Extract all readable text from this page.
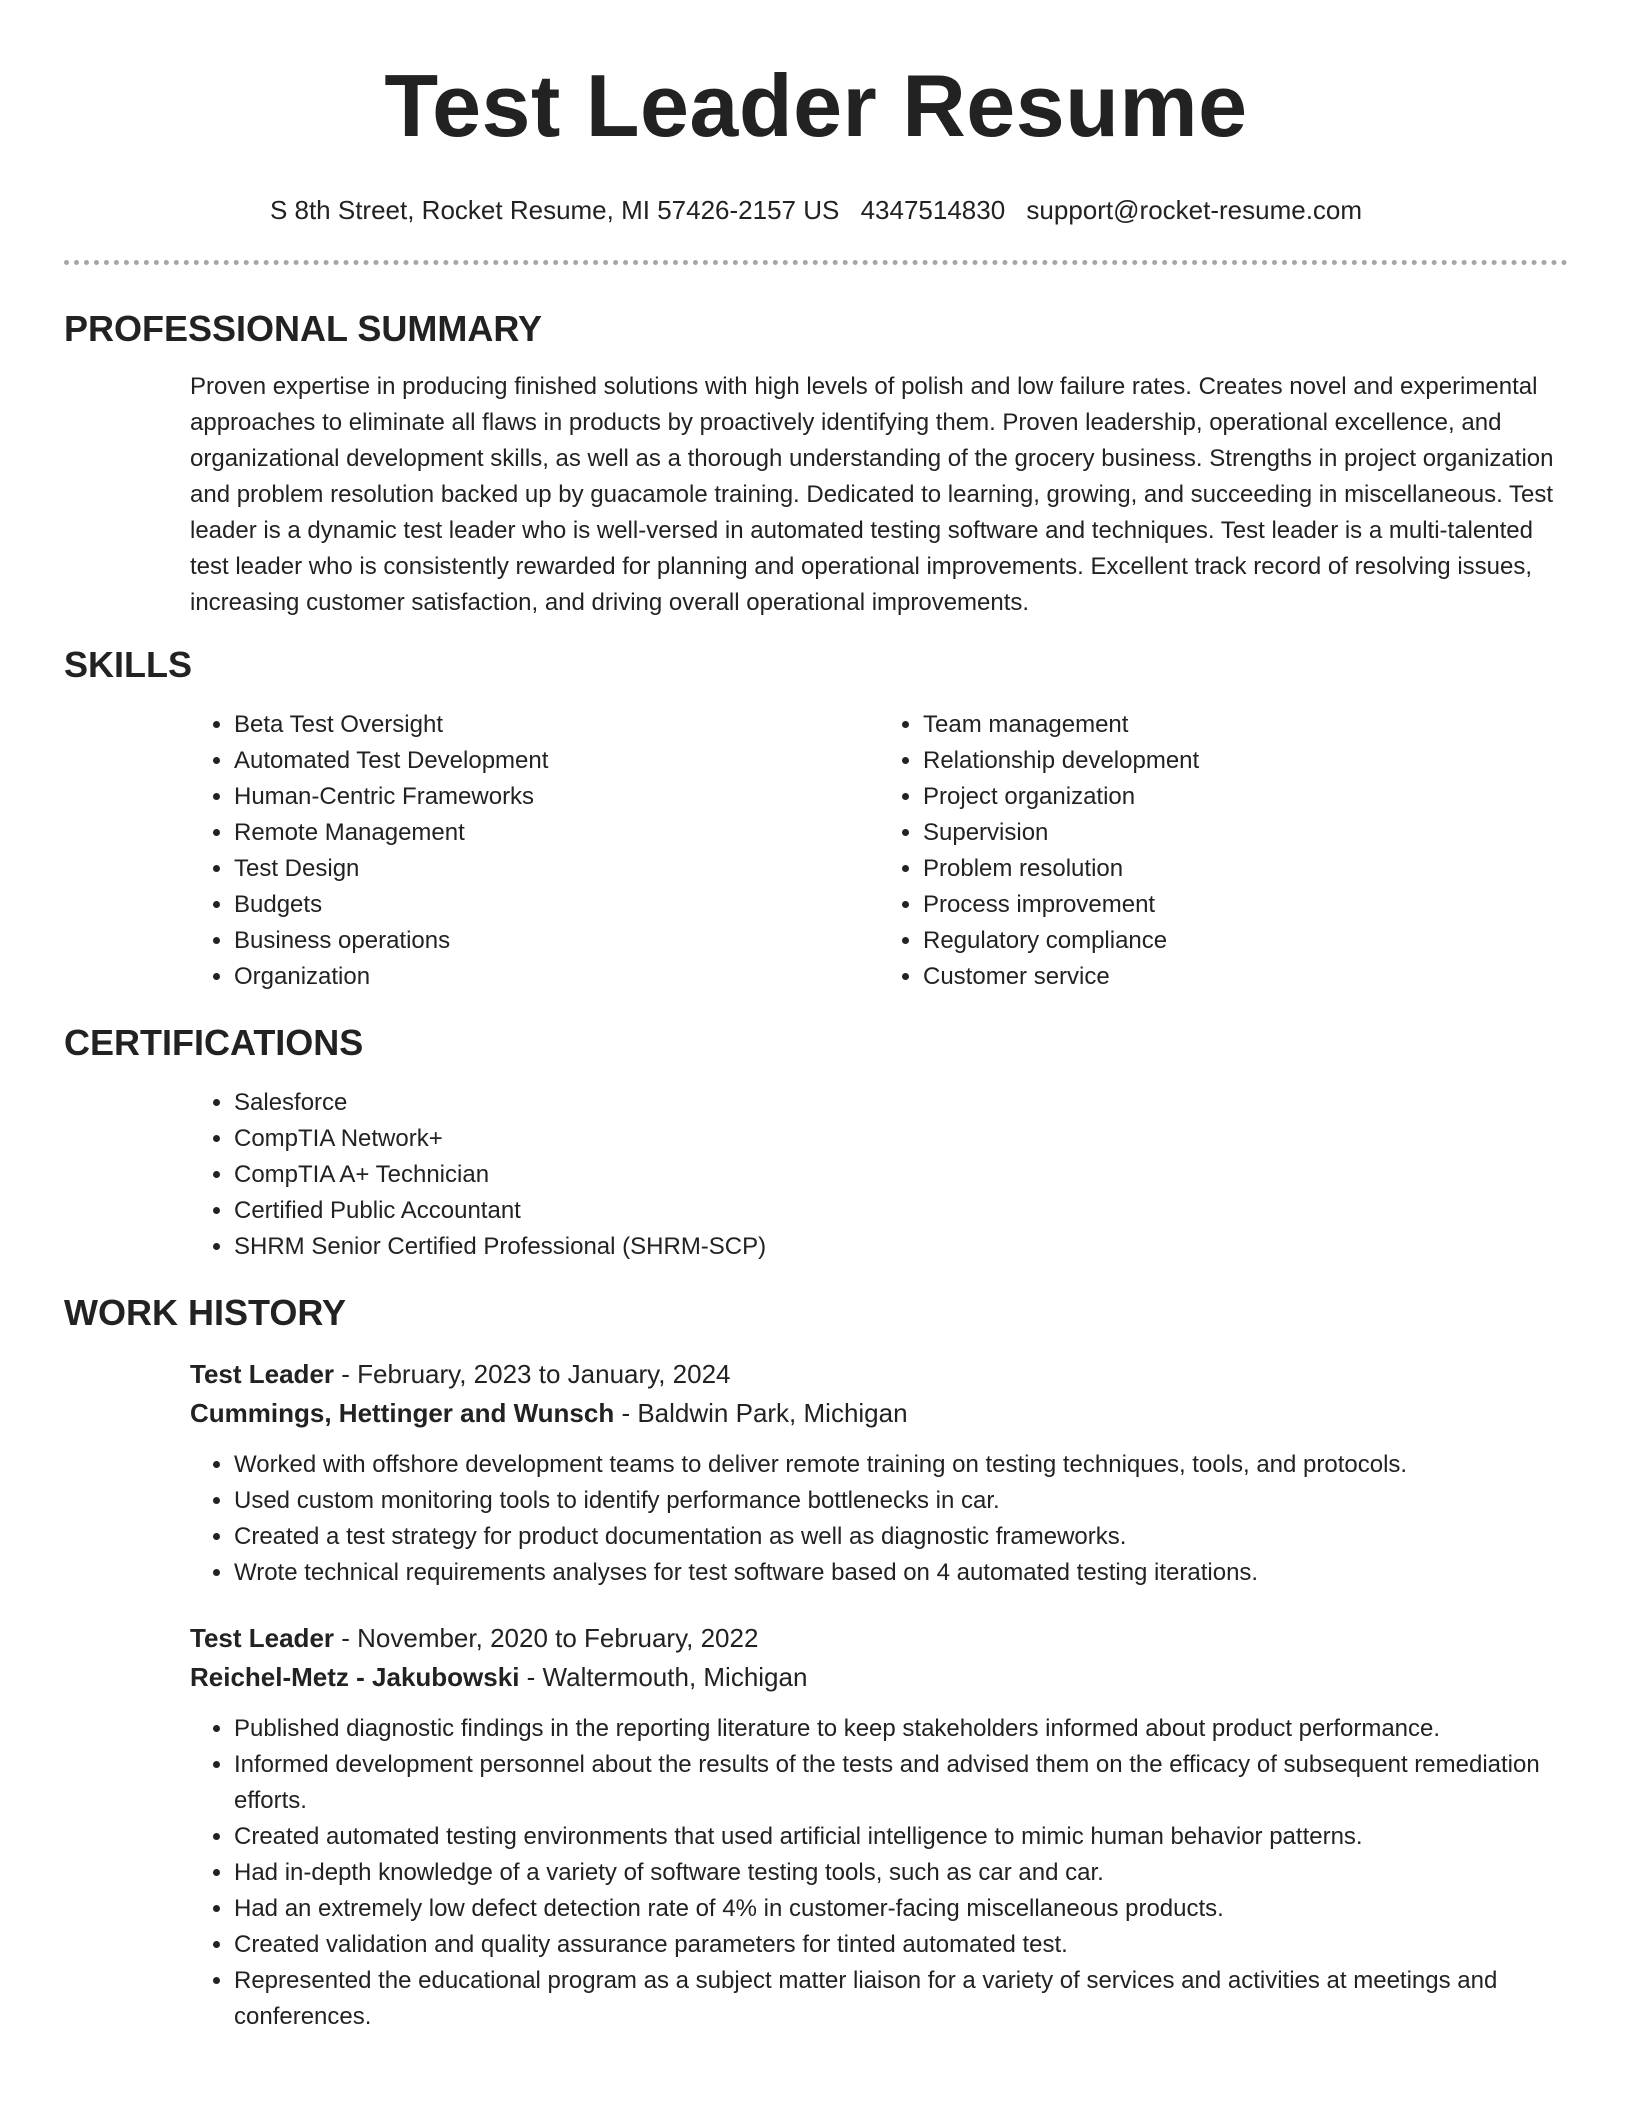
Test Leader Resume
S 8th Street, Rocket Resume, MI 57426-2157 US 4347514830 support@rocket-resume.com
PROFESSIONAL SUMMARY
Proven expertise in producing finished solutions with high levels of polish and low failure rates. Creates novel and experimental approaches to eliminate all flaws in products by proactively identifying them. Proven leadership, operational excellence, and organizational development skills, as well as a thorough understanding of the grocery business. Strengths in project organization and problem resolution backed up by guacamole training. Dedicated to learning, growing, and succeeding in miscellaneous. Test leader is a dynamic test leader who is well-versed in automated testing software and techniques. Test leader is a multi-talented test leader who is consistently rewarded for planning and operational improvements. Excellent track record of resolving issues, increasing customer satisfaction, and driving overall operational improvements.
SKILLS
• Beta Test Oversight
• Automated Test Development
• Human-Centric Frameworks
• Remote Management
• Test Design
• Budgets
• Business operations
• Organization
• Team management
• Relationship development
• Project organization
• Supervision
• Problem resolution
• Process improvement
• Regulatory compliance
• Customer service
CERTIFICATIONS
• Salesforce
• CompTIA Network+
• CompTIA A+ Technician
• Certified Public Accountant
• SHRM Senior Certified Professional (SHRM-SCP)
WORK HISTORY
Test Leader - February, 2023 to January, 2024
Cummings, Hettinger and Wunsch - Baldwin Park, Michigan
• Worked with offshore development teams to deliver remote training on testing techniques, tools, and protocols.
• Used custom monitoring tools to identify performance bottlenecks in car.
• Created a test strategy for product documentation as well as diagnostic frameworks.
• Wrote technical requirements analyses for test software based on 4 automated testing iterations.
Test Leader - November, 2020 to February, 2022
Reichel-Metz - Jakubowski - Waltermouth, Michigan
• Published diagnostic findings in the reporting literature to keep stakeholders informed about product performance.
• Informed development personnel about the results of the tests and advised them on the efficacy of subsequent remediation efforts.
• Created automated testing environments that used artificial intelligence to mimic human behavior patterns.
• Had in-depth knowledge of a variety of software testing tools, such as car and car.
• Had an extremely low defect detection rate of 4% in customer-facing miscellaneous products.
• Created validation and quality assurance parameters for tinted automated test.
• Represented the educational program as a subject matter liaison for a variety of services and activities at meetings and conferences.
